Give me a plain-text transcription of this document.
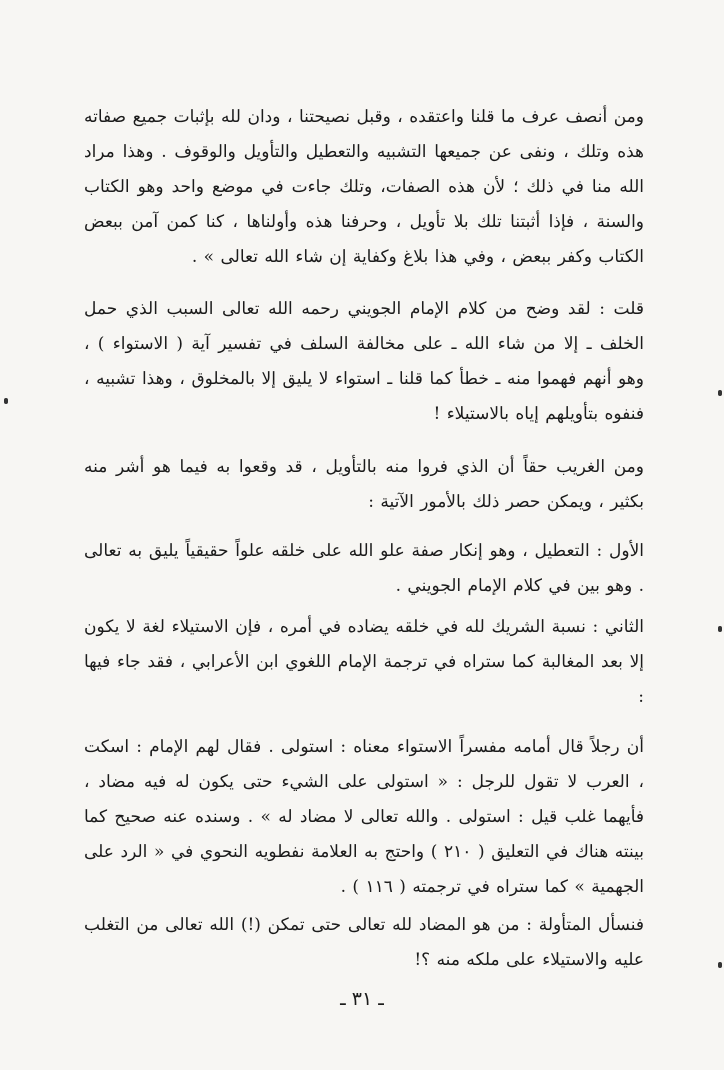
ومن أنصف عرف ما قلنا واعتقده ، وقبل نصيحتنا ، ودان لله بإثبات جميع صفاته هذه وتلك ، ونفى عن جميعها التشبيه والتعطيل والتأويل والوقوف . وهذا مراد الله منا في ذلك ؛ لأن هذه الصفات، وتلك جاءت في موضع واحد وهو الكتاب والسنة ، فإذا أثبتنا تلك بلا تأويل ، وحرفنا هذه وأولناها ، كنا كمن آمن ببعض الكتاب وكفر ببعض ، وفي هذا بلاغ وكفاية إن شاء الله تعالى » .

قلت : لقد وضح من كلام الإمام الجويني رحمه الله تعالى السبب الذي حمل الخلف ـ إلا من شاء الله ـ على مخالفة السلف في تفسير آية ( الاستواء ) ، وهو أنهم فهموا منه ـ خطأ كما قلنا ـ استواء لا يليق إلا بالمخلوق ، وهذا تشبيه ، فنفوه بتأويلهم إياه بالاستيلاء !

ومن الغريب حقاً أن الذي فروا منه بالتأويل ، قد وقعوا به فيما هو أشر منه بكثير ، ويمكن حصر ذلك بالأمور الآتية :

الأول : التعطيل ، وهو إنكار صفة علو الله على خلقه علواً حقيقياً يليق به تعالى . وهو بين في كلام الإمام الجويني .

الثاني : نسبة الشريك لله في خلقه يضاده في أمره ، فإن الاستيلاء لغة لا يكون إلا بعد المغالبة كما ستراه في ترجمة الإمام اللغوي ابن الأعرابي ، فقد جاء فيها :

أن رجلاً قال أمامه مفسراً الاستواء معناه : استولى . فقال لهم الإمام : اسكت ، العرب لا تقول للرجل : « استولى على الشيء حتى يكون له فيه مضاد ، فأيهما غلب قيل : استولى . والله تعالى لا مضاد له » . وسنده عنه صحيح كما بينته هناك في التعليق ( ٢١٠ ) واحتج به العلامة نفطويه النحوي في « الرد على الجهمية » كما ستراه في ترجمته ( ١١٦ ) .

فنسأل المتأولة : من هو المضاد لله تعالى حتى تمكن (!) الله تعالى من التغلب عليه والاستيلاء على ملكه منه ؟!

ـ ٣١ ـ
